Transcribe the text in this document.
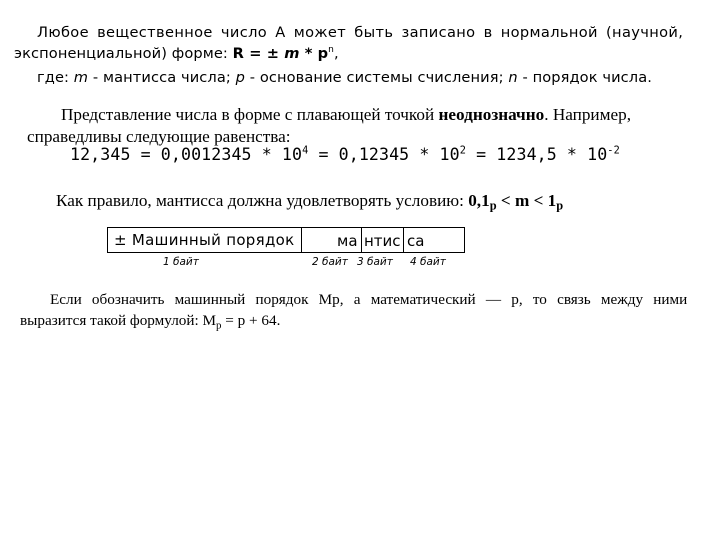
Любое вещественное число А может быть записано в нормальной (научной,
экспоненциальной) форме: R = ± m * $p^n$,
где: m - мантисса числа; p - основание системы счисления; n - порядок числа.
Представление числа в форме с плавающей точкой неоднозначно. Например,
справедливы следующие равенства:
$12,345 = 0,0012345 * 10^4 = 0,12345 * 10^2 = 1234,5 * 10^{-2}$
Как правило, мантисса должна удовлетворять условию: $0,1_p < m < 1_p$
± Машинный порядок	ма нтис са
1 байт	2 байт 3 байт 4 байт
Если обозначить машинный порядок Мр, а математический — р, то связь между ними
выразится такой формулой: $М_р = р + 64$.
